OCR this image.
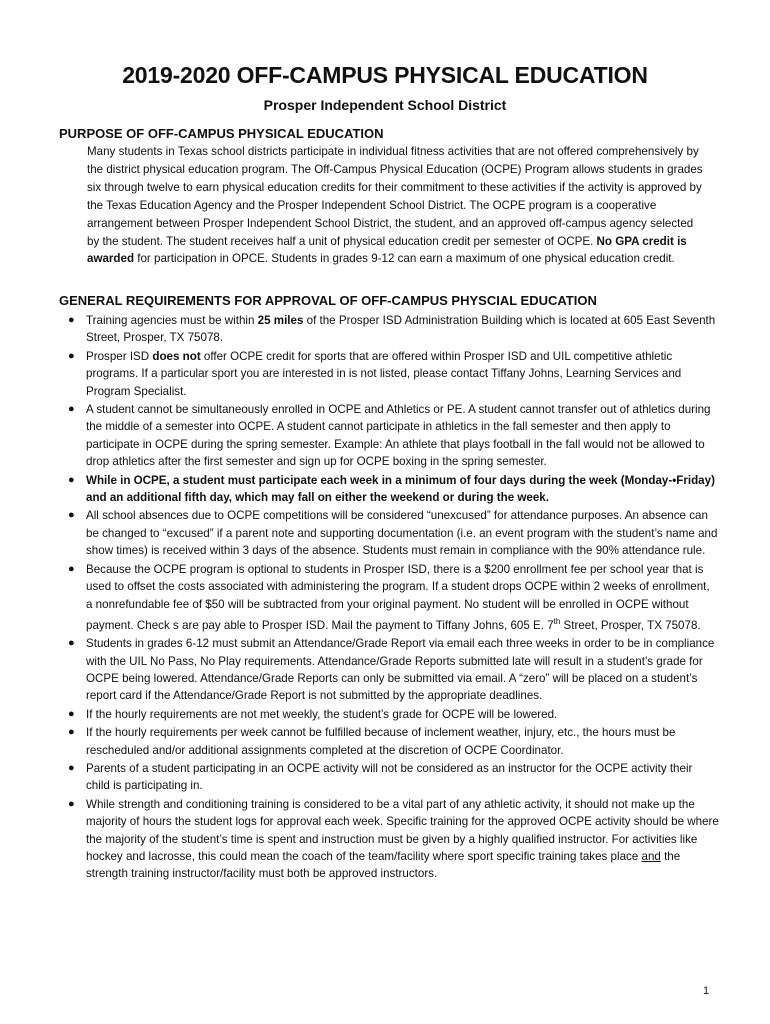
2019-2020 OFF-CAMPUS PHYSICAL EDUCATION
Prosper Independent School District
PURPOSE OF OFF-CAMPUS PHYSICAL EDUCATION
Many students in Texas school districts participate in individual fitness activities that are not offered comprehensively by the district physical education program. The Off-Campus Physical Education (OCPE) Program allows students in grades six through twelve to earn physical education credits for their commitment to these activities if the activity is approved by the Texas Education Agency and the Prosper Independent School District. The OCPE program is a cooperative arrangement between Prosper Independent School District, the student, and an approved off-campus agency selected by the student. The student receives half a unit of physical education credit per semester of OCPE. No GPA credit is awarded for participation in OPCE. Students in grades 9-12 can earn a maximum of one physical education credit.
GENERAL REQUIREMENTS FOR APPROVAL OF OFF-CAMPUS PHYSCIAL EDUCATION
● Training agencies must be within 25 miles of the Prosper ISD Administration Building which is located at 605 East Seventh Street, Prosper, TX 75078.
● Prosper ISD does not offer OCPE credit for sports that are offered within Prosper ISD and UIL competitive athletic programs. If a particular sport you are interested in is not listed, please contact Tiffany Johns, Learning Services and Program Specialist.
● A student cannot be simultaneously enrolled in OCPE and Athletics or PE. A student cannot transfer out of athletics during the middle of a semester into OCPE. A student cannot participate in athletics in the fall semester and then apply to participate in OCPE during the spring semester. Example: An athlete that plays football in the fall would not be allowed to drop athletics after the first semester and sign up for OCPE boxing in the spring semester.
● While in OCPE, a student must participate each week in a minimum of four days during the week (Monday-•Friday) and an additional fifth day, which may fall on either the weekend or during the week.
● All school absences due to OCPE competitions will be considered “unexcused” for attendance purposes. An absence can be changed to “excused” if a parent note and supporting documentation (i.e. an event program with the student’s name and show times) is received within 3 days of the absence. Students must remain in compliance with the 90% attendance rule.
● Because the OCPE program is optional to students in Prosper ISD, there is a $200 enrollment fee per school year that is used to offset the costs associated with administering the program. If a student drops OCPE within 2 weeks of enrollment, a nonrefundable fee of $50 will be subtracted from your original payment. No student will be enrolled in OCPE without payment. Check s are pay able to Prosper ISD. Mail the payment to Tiffany Johns, 605 E. 7th Street, Prosper, TX 75078.
● Students in grades 6-12 must submit an Attendance/Grade Report via email each three weeks in order to be in compliance with the UIL No Pass, No Play requirements. Attendance/Grade Reports submitted late will result in a student’s grade for OCPE being lowered. Attendance/Grade Reports can only be submitted via email. A “zero” will be placed on a student’s report card if the Attendance/Grade Report is not submitted by the appropriate deadlines.
● If the hourly requirements are not met weekly, the student’s grade for OCPE will be lowered.
● If the hourly requirements per week cannot be fulfilled because of inclement weather, injury, etc., the hours must be rescheduled and/or additional assignments completed at the discretion of OCPE Coordinator.
● Parents of a student participating in an OCPE activity will not be considered as an instructor for the OCPE activity their child is participating in.
● While strength and conditioning training is considered to be a vital part of any athletic activity, it should not make up the majority of hours the student logs for approval each week. Specific training for the approved OCPE activity should be where the majority of the student’s time is spent and instruction must be given by a highly qualified instructor. For activities like hockey and lacrosse, this could mean the coach of the team/facility where sport specific training takes place and the strength training instructor/facility must both be approved instructors.
1
